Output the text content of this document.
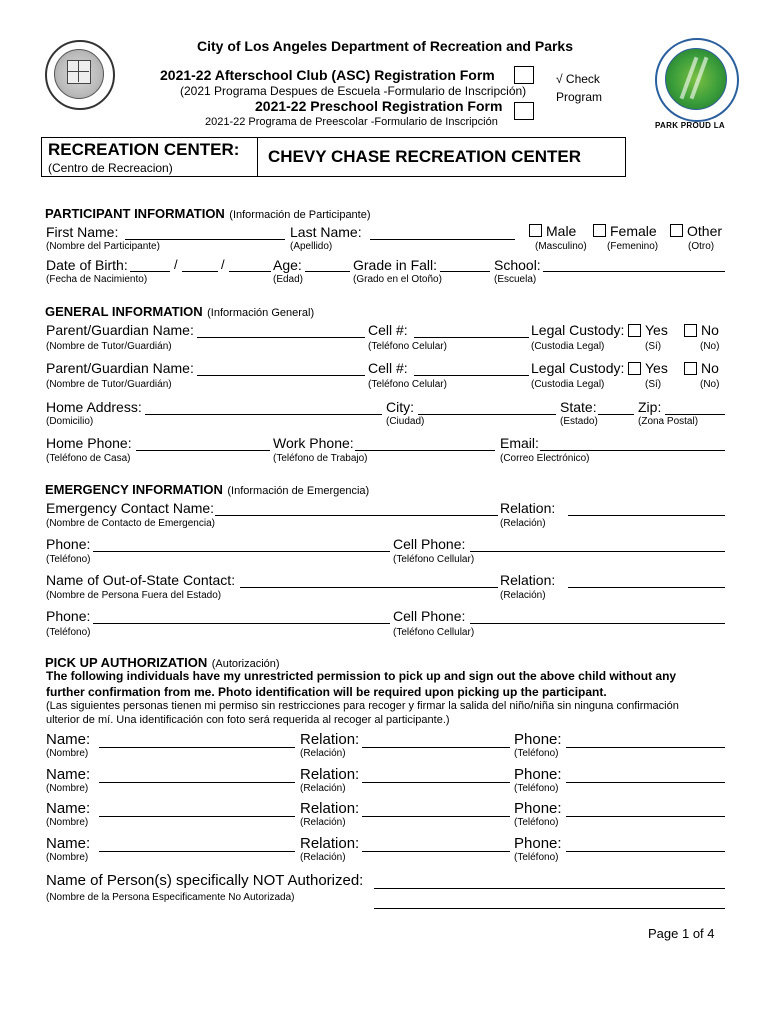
City of Los Angeles Department of Recreation and Parks
2021-22 Afterschool Club (ASC) Registration Form
(2021 Programa Despues de Escuela -Formulario de Inscripción)
2021-22 Preschool Registration Form
2021-22 Programa de Preescolar -Formulario de Inscripción
√ Check
Program
PARK PROUD LA
RECREATION CENTER:
(Centro de Recreacion)
CHEVY CHASE RECREATION CENTER
PARTICIPANT INFORMATION (Información de Participante)
First Name:	Last Name:	Male Female Other
(Nombre del Participante)	(Apellido)	(Masculino) (Femenino)	(Otro)
Date of Birth:	/	/	Age:	Grade in Fall:	School:
(Fecha de Nacimiento)	(Edad)	(Grado en el Otoño)	(Escuela)
GENERAL INFORMATION (Información General)
Parent/Guardian Name:	Cell #:	Legal Custody: Yes No
(Nombre de Tutor/Guardián)	(Teléfono Celular)	(Custodia Legal)	(Sí)	(No)
Parent/Guardian Name:	Cell #:	Legal Custody: Yes No
(Nombre de Tutor/Guardián)	(Teléfono Celular)	(Custodia Legal)	(Sí)	(No)
Home Address:	City:	State:	Zip:
(Domicilio)	(Ciudad)	(Estado)	(Zona Postal)
Home Phone:	Work Phone:	Email:
(Teléfono de Casa)	(Teléfono de Trabajo)	(Correo Electrónico)
EMERGENCY INFORMATION (Información de Emergencia)
Emergency Contact Name:	Relation:
(Nombre de Contacto de Emergencia)	(Relación)
Phone:	Cell Phone:
(Teléfono)	(Teléfono Cellular)
Name of Out-of-State Contact:	Relation:
(Nombre de Persona Fuera del Estado)	(Relación)
Phone:	Cell Phone:
(Teléfono)	(Teléfono Cellular)
PICK UP AUTHORIZATION (Autorización)
The following individuals have my unrestricted permission to pick up and sign out the above child without any
further confirmation from me. Photo identification will be required upon picking up the participant.
(Las siguientes personas tienen mi permiso sin restricciones para recoger y firmar la salida del niño/niña sin ninguna confirmación
ulterior de mí. Una identificación con foto será requerida al recoger al participante.)
Name:	Relation:	Phone:
(Nombre)	(Relación)	(Teléfono)
Name:	Relation:	Phone:
(Nombre)	(Relación)	(Teléfono)
Name:	Relation:	Phone:
(Nombre)	(Relación)	(Teléfono)
Name:	Relation:	Phone:
(Nombre)	(Relación)	(Teléfono)
Name of Person(s) specifically NOT Authorized:
(Nombre de la Persona Especificamente No Autorizada)
Page 1 of 4
